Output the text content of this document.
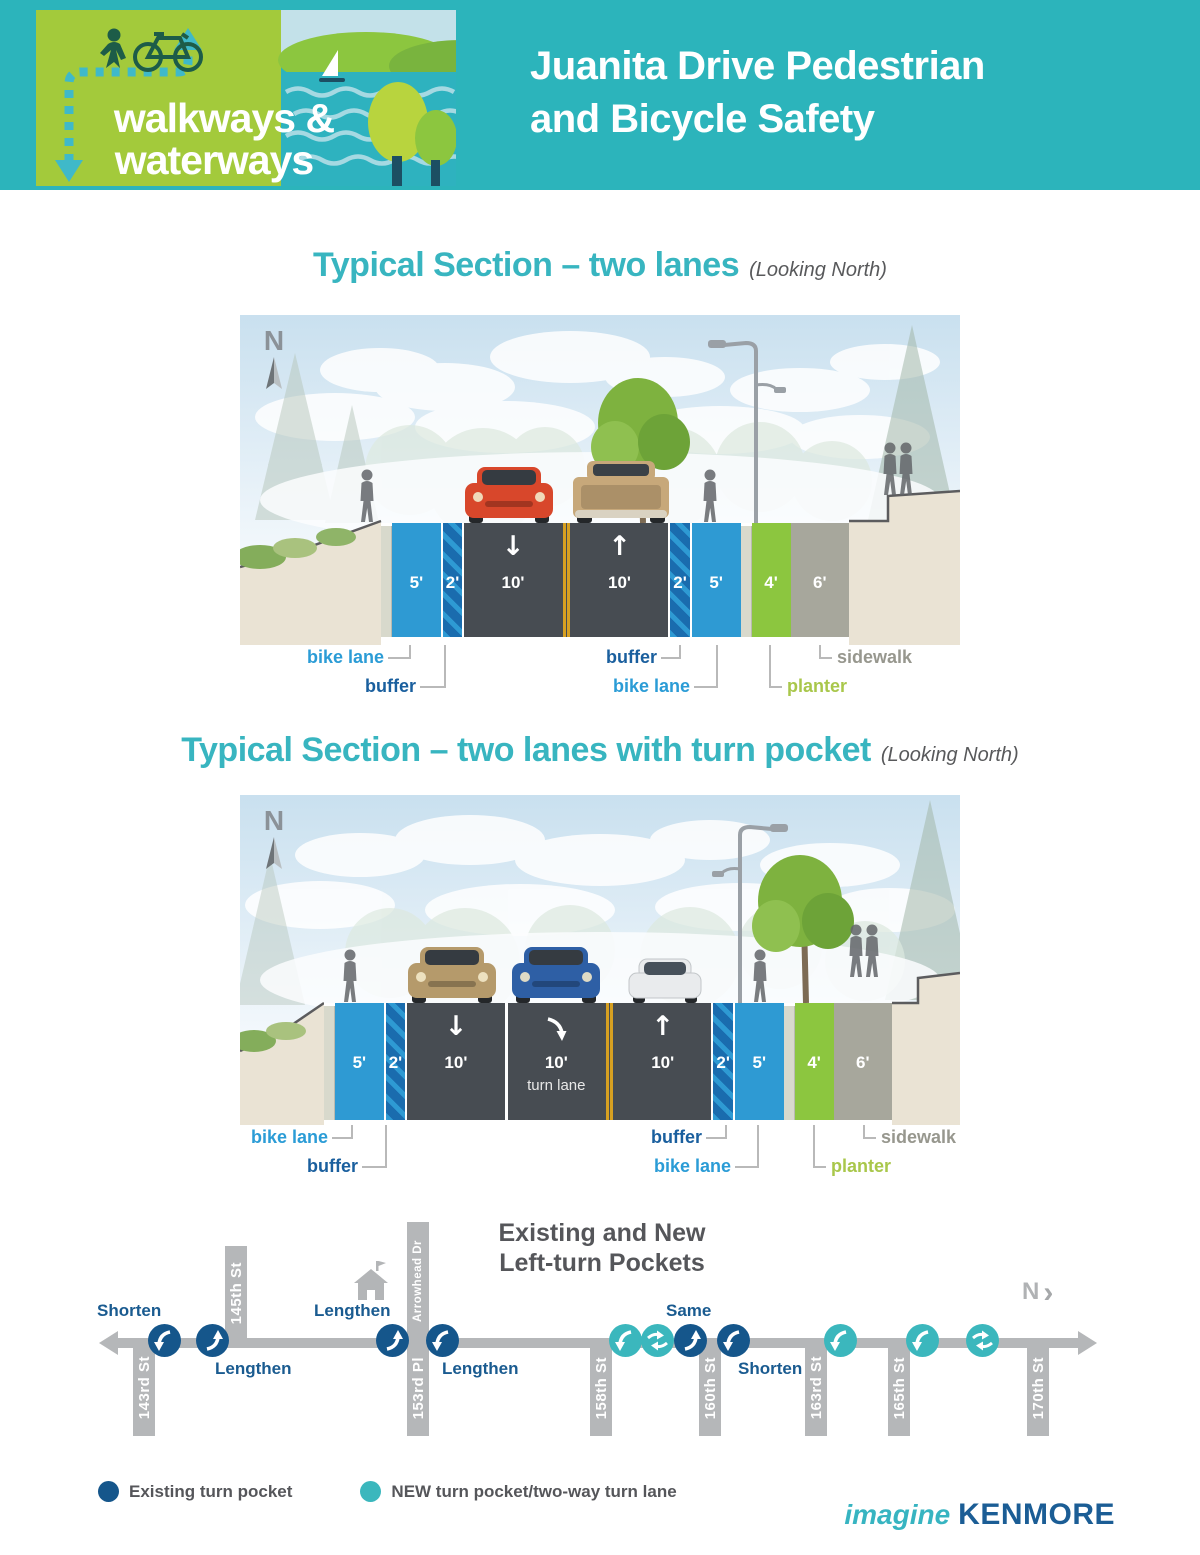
walkways &
waterways
Juanita Drive Pedestrian
and Bicycle Safety
Typical Section – two lanes (Looking North)
N
5'	2'
↓
10'
↑
10'	2'	5'	4'	6'
bike lane
buffer
buffer
bike lane	planter
sidewalk
Typical Section – two lanes with turn pocket (Looking North)
N
5'	2'
↓
10'	10'
turn lane
↑
10'	2'	5'	4'	6'
bike lane
buffer
buffer
bike lane	planter
sidewalk
Existing and New
Left-turn Pockets
N ›
143rd St
145th St
153rd Pl
Arrowhead Dr
158th St	160th St	163rd St	165th St	170th St
Shorten
Lengthen
Lengthen
Lengthen
Same
Shorten
Existing turn pocket	NEW turn pocket/two-way turn lane
imagine KENMORE
